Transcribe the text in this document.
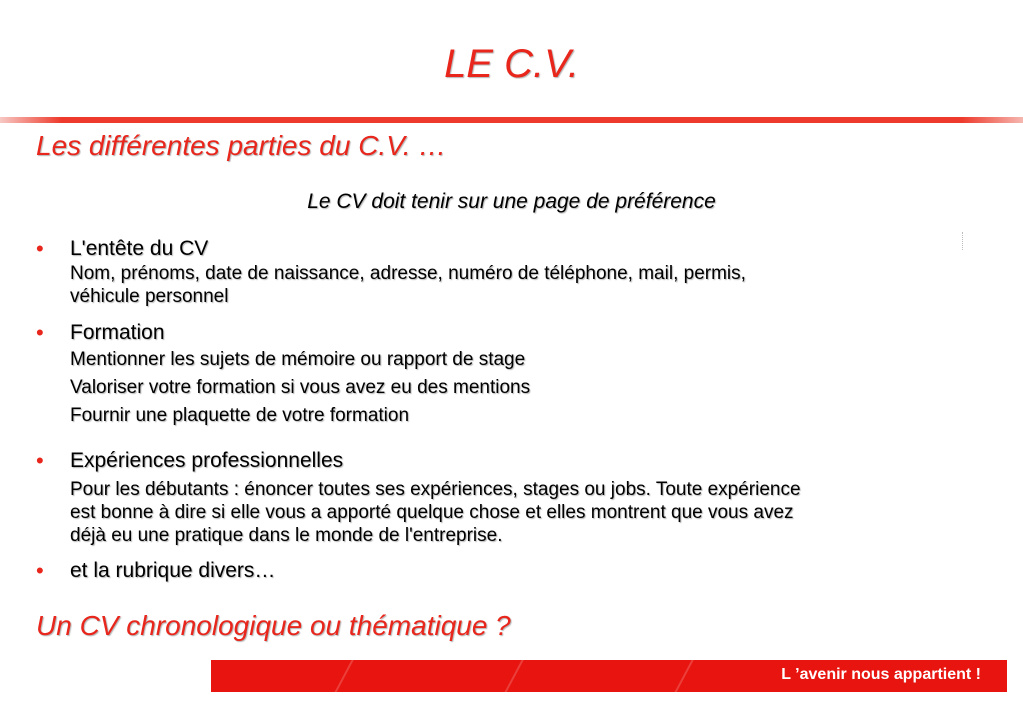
LE C.V.
Les différentes parties du C.V. …
Le CV doit tenir sur une page de préférence
• L'entête du CV
Nom, prénoms, date de naissance, adresse, numéro de téléphone, mail, permis,
véhicule personnel
• Formation
Mentionner les sujets de mémoire ou rapport de stage
Valoriser votre formation si vous avez eu des mentions
Fournir une plaquette de votre formation
• Expériences professionnelles
Pour les débutants : énoncer toutes ses expériences, stages ou jobs. Toute expérience
est bonne à dire si elle vous a apporté quelque chose et elles montrent que vous avez
déjà eu une pratique dans le monde de l'entreprise.
• et la rubrique divers…
Un CV chronologique ou thématique ?
L ’avenir nous appartient !
